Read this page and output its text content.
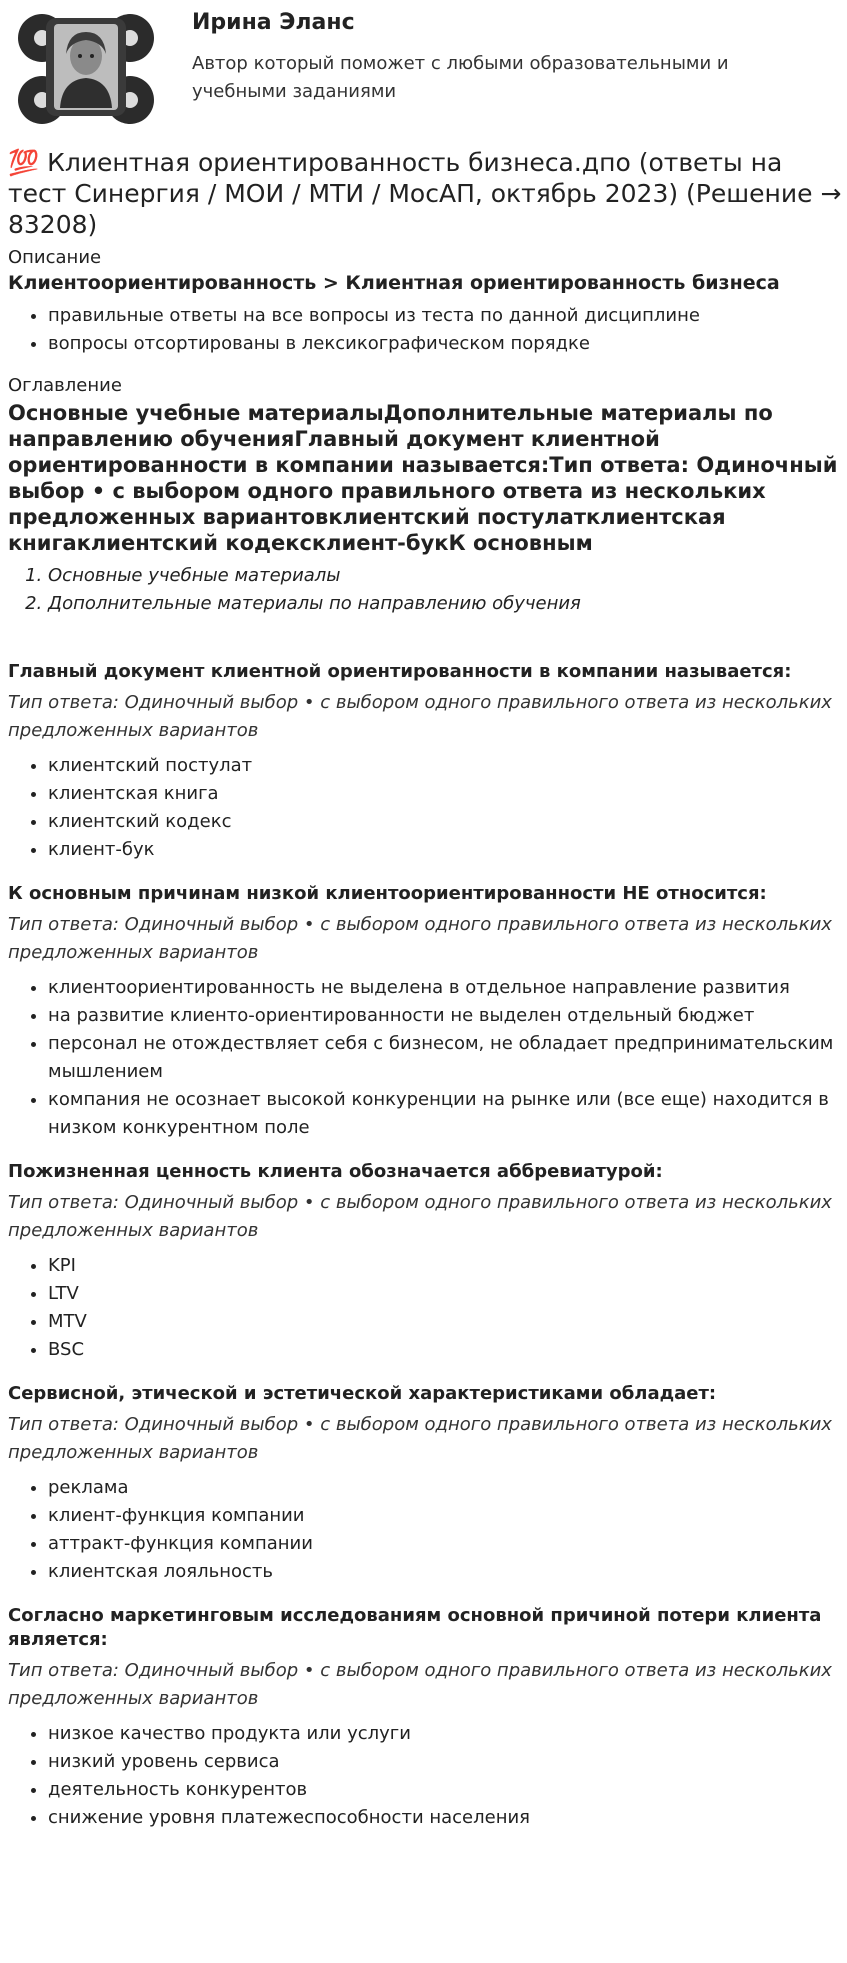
Ирина Эланс
Автор который поможет с любыми образовательными и учебными заданиями
💯 Клиентная ориентированность бизнеса.дпо (ответы на тест Синергия / МОИ / МТИ / МосАП, октябрь 2023) (Решение → 83208)
Описание
Клиентоориентированность > Клиентная ориентированность бизнеса
• правильные ответы на все вопросы из теста по данной дисциплине
• вопросы отсортированы в лексикографическом порядке
Оглавление
Основные учебные материалыДополнительные материалы по направлению обученияГлавный документ клиентной ориентированности в компании называется:Тип ответа: Одиночный выбор • с выбором одного правильного ответа из нескольких предложенных вариантовклиентский постулатклиентская книгаклиентский кодексклиент-букК основным
1. Основные учебные материалы
2. Дополнительные материалы по направлению обучения
Главный документ клиентной ориентированности в компании называется:
Тип ответа: Одиночный выбор • с выбором одного правильного ответа из нескольких предложенных вариантов
• клиентский постулат
• клиентская книга
• клиентский кодекс
• клиент-бук
К основным причинам низкой клиентоориентированности НЕ относится:
Тип ответа: Одиночный выбор • с выбором одного правильного ответа из нескольких предложенных вариантов
• клиентоориентированность не выделена в отдельное направление развития
• на развитие клиенто-ориентированности не выделен отдельный бюджет
• персонал не отождествляет себя с бизнесом, не обладает предпринимательским мышлением
• компания не осознает высокой конкуренции на рынке или (все еще) находится в низком конкурентном поле
Пожизненная ценность клиента обозначается аббревиатурой:
Тип ответа: Одиночный выбор • с выбором одного правильного ответа из нескольких предложенных вариантов
• KPI
• LTV
• MTV
• BSC
Сервисной, этической и эстетической характеристиками обладает:
Тип ответа: Одиночный выбор • с выбором одного правильного ответа из нескольких предложенных вариантов
• реклама
• клиент-функция компании
• аттракт-функция компании
• клиентская лояльность
Согласно маркетинговым исследованиям основной причиной потери клиента является:
Тип ответа: Одиночный выбор • с выбором одного правильного ответа из нескольких предложенных вариантов
• низкое качество продукта или услуги
• низкий уровень сервиса
• деятельность конкурентов
• снижение уровня платежеспособности населения
